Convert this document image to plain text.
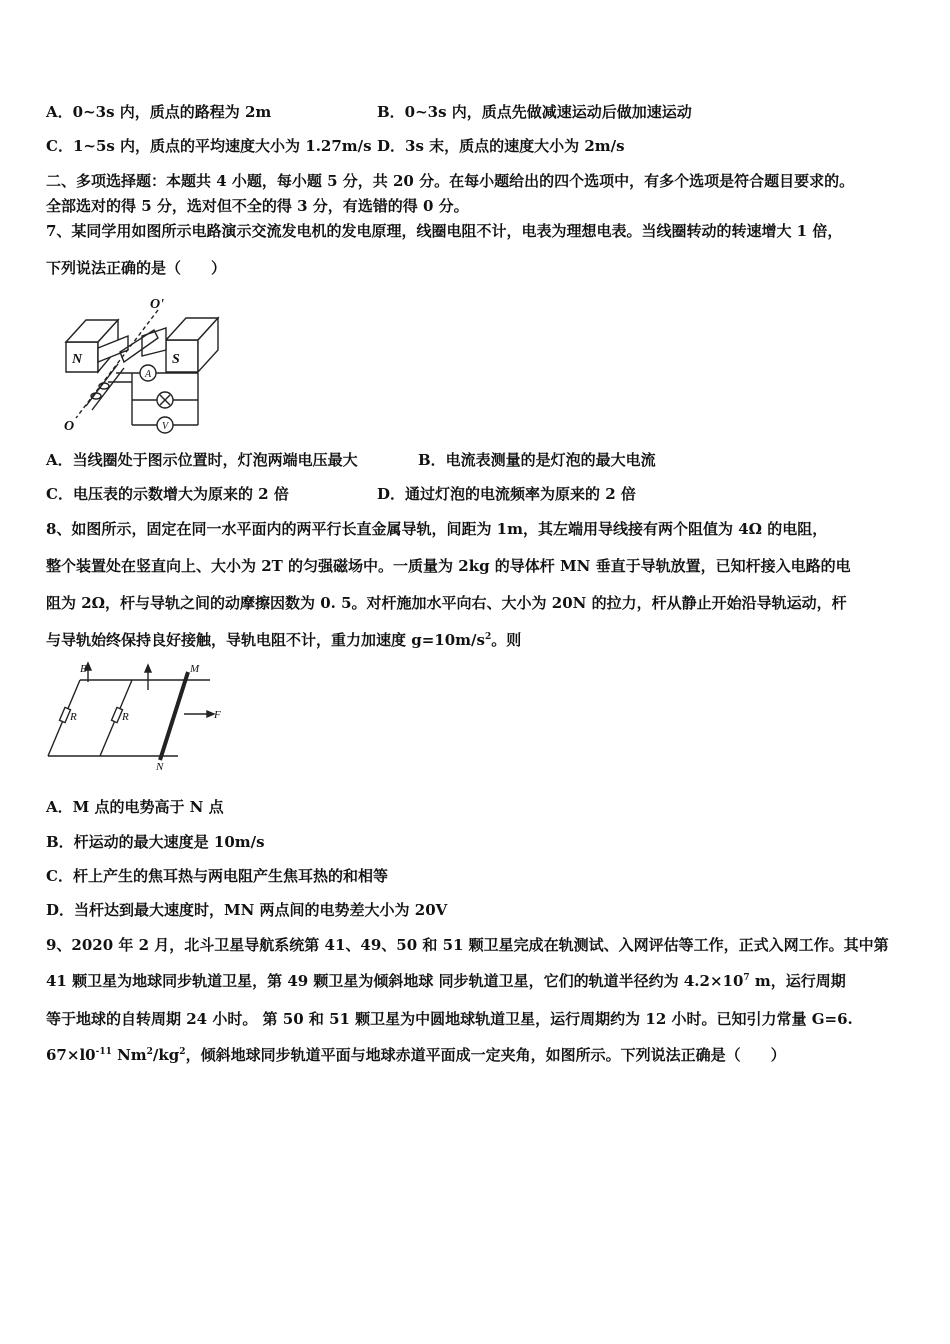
A．0~3s 内，质点的路程为 2m	B．0~3s 内，质点先做减速运动后做加速运动
C．1~5s 内，质点的平均速度大小为 1.27m/s D．3s 末，质点的速度大小为 2m/s
二、多项选择题：本题共 4 小题，每小题 5 分，共 20 分。在每小题给出的四个选项中，有多个选项是符合题目要求的。
全部选对的得 5 分，选对但不全的得 3 分，有选错的得 0 分。
7、某同学用如图所示电路演示交流发电机的发电原理，线圈电阻不计，电表为理想电表。当线圈转动的转速增大 1 倍，
下列说法正确的是（　　）
N	S
O'
O
A
V
A．当线圈处于图示位置时，灯泡两端电压最大	B．电流表测量的是灯泡的最大电流
C．电压表的示数增大为原来的 2 倍	D．通过灯泡的电流频率为原来的 2 倍
8、如图所示，固定在同一水平面内的两平行长直金属导轨，间距为 1m，其左端用导线接有两个阻值为 4Ω 的电阻，
整个装置处在竖直向上、大小为 2T 的匀强磁场中。一质量为 2kg 的导体杆 MN 垂直于导轨放置，已知杆接入电路的电
阻为 2Ω，杆与导轨之间的动摩擦因数为 0. 5。对杆施加水平向右、大小为 20N 的拉力，杆从静止开始沿导轨运动，杆
与导轨始终保持良好接触，导轨电阻不计，重力加速度 $g=10m/s^2$。则
B	M
N
F
R	R
A．M 点的电势高于 N 点
B．杆运动的最大速度是 10m/s
C．杆上产生的焦耳热与两电阻产生焦耳热的和相等
D．当杆达到最大速度时，MN 两点间的电势差大小为 20V
9、2020 年 2 月，北斗卫星导航系统第 41、49、50 和 51 颗卫星完成在轨测试、入网评估等工作，正式入网工作。其中第
41 颗卫星为地球同步轨道卫星，第 49 颗卫星为倾斜地球 同步轨道卫星，它们的轨道半径约为 $4.2\times 10^7$ m，运行周期
等于地球的自转周期 24 小时。 第 50 和 51 颗卫星为中圆地球轨道卫星，运行周期约为 12 小时。已知引力常量 G=6.
$67\times l0^{-11}$ $Nm^2/kg^2$，倾斜地球同步轨道平面与地球赤道平面成一定夹角，如图所示。下列说法正确是（　　）
